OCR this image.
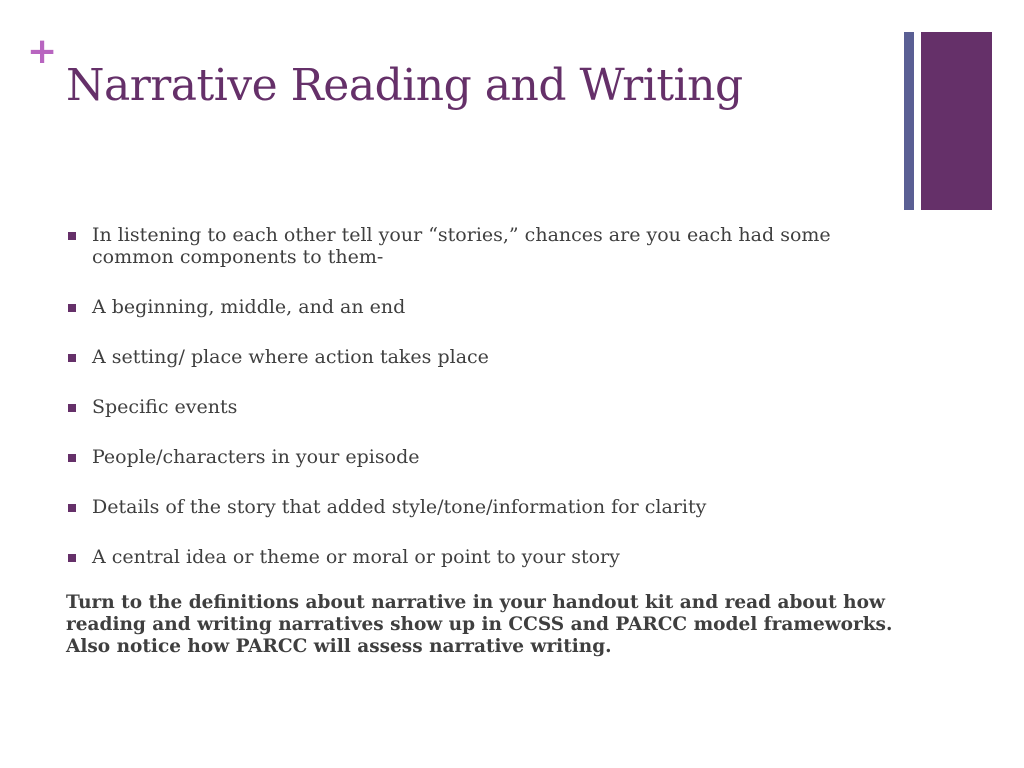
+
Narrative Reading and Writing
In listening to each other tell your “stories,” chances are you each had some common components to them-
A beginning, middle, and an end
A setting/ place where action takes place
Specific events
People/characters in your episode
Details of the story that added style/tone/information for clarity
A central idea or theme or moral or point to your story

Turn to the definitions about narrative in your handout kit and read about how reading and writing narratives show up in CCSS and PARCC model frameworks. Also notice how PARCC will assess narrative writing.
